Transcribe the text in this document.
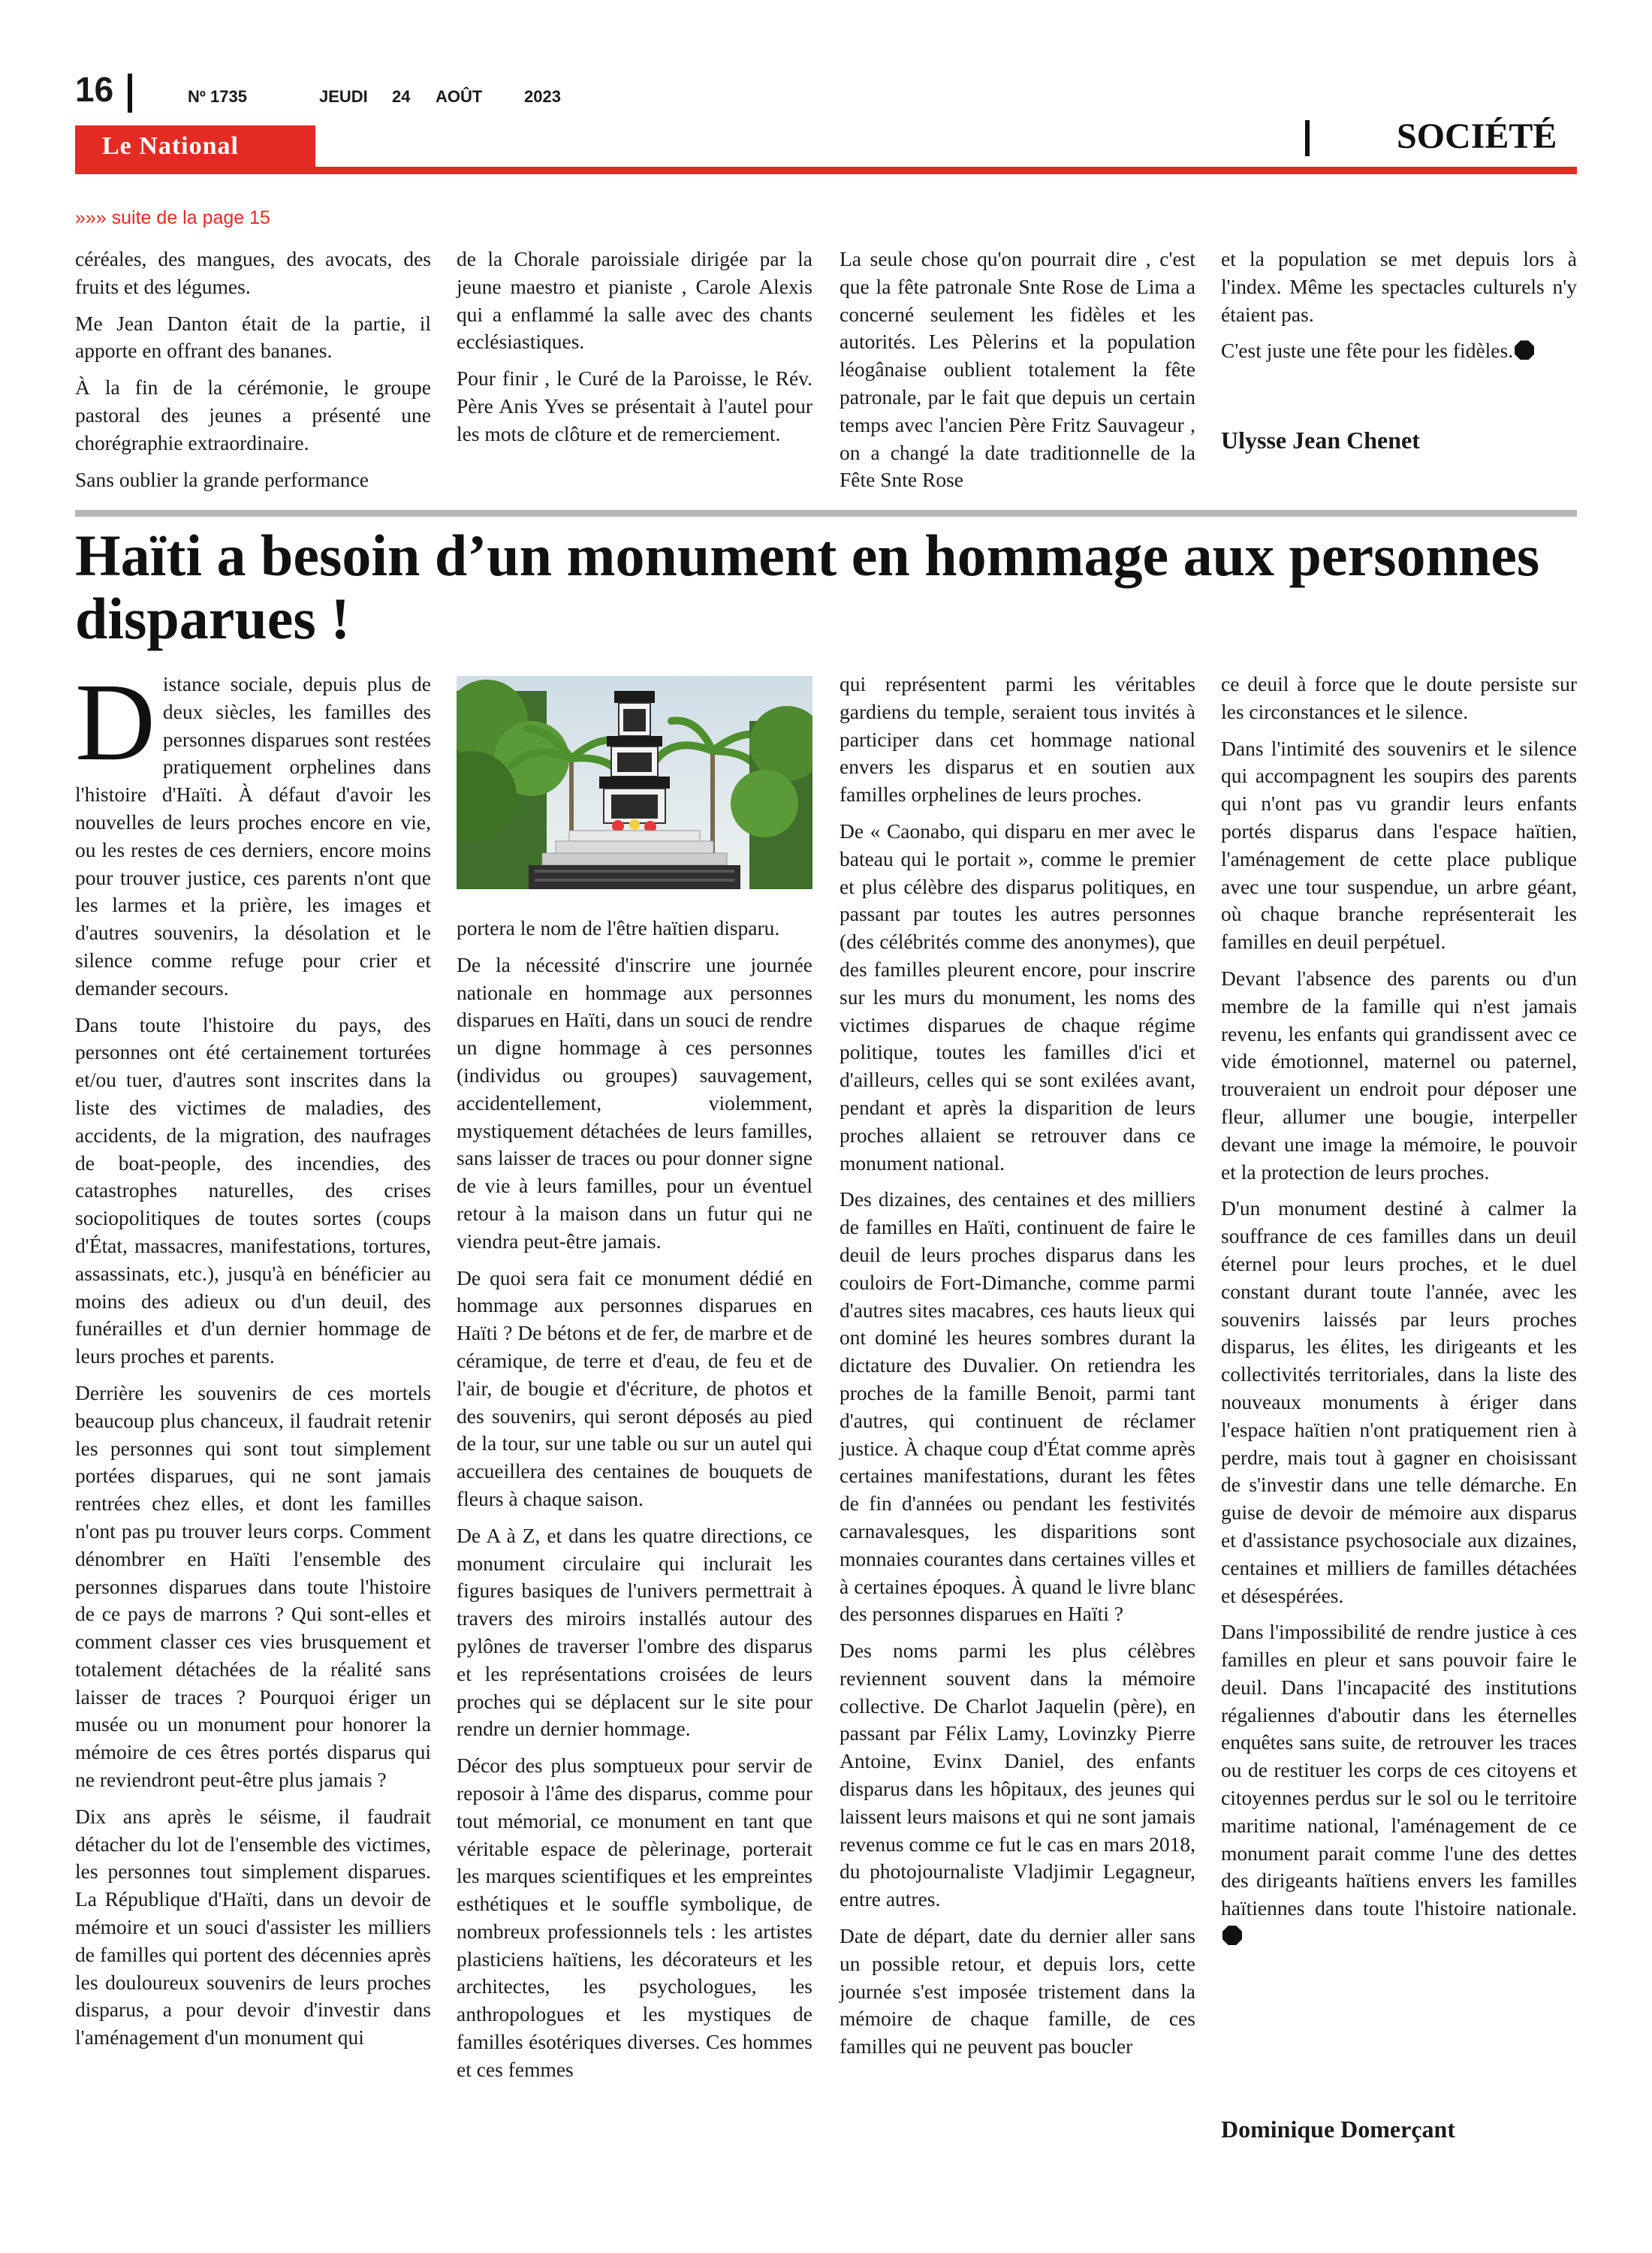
16	Nº 1735	JEUDI 24 AOÛT	2023
Le National	SOCIÉTÉ
»»» suite de la page 15

céréales, des mangues, des avocats, des fruits et des légumes.

Me Jean Danton était de la partie, il apporte en offrant des bananes.

À la fin de la cérémonie, le groupe pastoral des jeunes a présenté une chorégraphie extraordinaire.

Sans oublier la grande performance

de la Chorale paroissiale dirigée par la jeune maestro et pianiste , Carole Alexis qui a enflammé la salle avec des chants ecclésiastiques.

Pour finir , le Curé de la Paroisse, le Rév. Père Anis Yves se présentait à l'autel pour les mots de clôture et de remerciement.

La seule chose qu'on pourrait dire , c'est que la fête patronale Snte Rose de Lima a concerné seulement les fidèles et les autorités. Les Pèlerins et la population léogânaise oublient totalement la fête patronale, par le fait que depuis un certain temps avec l'ancien Père Fritz Sauvageur , on a changé la date traditionnelle de la Fête Snte Rose

et la population se met depuis lors à l'index. Même les spectacles culturels n'y étaient pas.

C'est juste une fête pour les fidèles.

Ulysse Jean Chenet
Haïti a besoin d’un monument en hommage aux personnes disparues !

Distance sociale, depuis plus de deux siècles, les familles des personnes disparues sont restées pratiquement orphelines dans l'histoire d'Haïti. À défaut d'avoir les nouvelles de leurs proches encore en vie, ou les restes de ces derniers, encore moins pour trouver justice, ces parents n'ont que les larmes et la prière, les images et d'autres souvenirs, la désolation et le silence comme refuge pour crier et demander secours.

Dans toute l'histoire du pays, des personnes ont été certainement torturées et/ou tuer, d'autres sont inscrites dans la liste des victimes de maladies, des accidents, de la migration, des naufrages de boat-people, des incendies, des catastrophes naturelles, des crises sociopolitiques de toutes sortes (coups d'État, massacres, manifestations, tortures, assassinats, etc.), jusqu'à en bénéficier au moins des adieux ou d'un deuil, des funérailles et d'un dernier hommage de leurs proches et parents.

Derrière les souvenirs de ces mortels beaucoup plus chanceux, il faudrait retenir les personnes qui sont tout simplement portées disparues, qui ne sont jamais rentrées chez elles, et dont les familles n'ont pas pu trouver leurs corps. Comment dénombrer en Haïti l'ensemble des personnes disparues dans toute l'histoire de ce pays de marrons ? Qui sont-elles et comment classer ces vies brusquement et totalement détachées de la réalité sans laisser de traces ? Pourquoi ériger un musée ou un monument pour honorer la mémoire de ces êtres portés disparus qui ne reviendront peut-être plus jamais ?

Dix ans après le séisme, il faudrait détacher du lot de l'ensemble des victimes, les personnes tout simplement disparues. La République d'Haïti, dans un devoir de mémoire et un souci d'assister les milliers de familles qui portent des décennies après les douloureux souvenirs de leurs proches disparus, a pour devoir d'investir dans l'aménagement d'un monument qui

portera le nom de l'être haïtien disparu.

De la nécessité d'inscrire une journée nationale en hommage aux personnes disparues en Haïti, dans un souci de rendre un digne hommage à ces personnes (individus ou groupes) sauvagement, accidentellement, violemment, mystiquement détachées de leurs familles, sans laisser de traces ou pour donner signe de vie à leurs familles, pour un éventuel retour à la maison dans un futur qui ne viendra peut-être jamais.

De quoi sera fait ce monument dédié en hommage aux personnes disparues en Haïti ? De bétons et de fer, de marbre et de céramique, de terre et d'eau, de feu et de l'air, de bougie et d'écriture, de photos et des souvenirs, qui seront déposés au pied de la tour, sur une table ou sur un autel qui accueillera des centaines de bouquets de fleurs à chaque saison.

De A à Z, et dans les quatre directions, ce monument circulaire qui inclurait les figures basiques de l'univers permettrait à travers des miroirs installés autour des pylônes de traverser l'ombre des disparus et les représentations croisées de leurs proches qui se déplacent sur le site pour rendre un dernier hommage.

Décor des plus somptueux pour servir de reposoir à l'âme des disparus, comme pour tout mémorial, ce monument en tant que véritable espace de pèlerinage, porterait les marques scientifiques et les empreintes esthétiques et le souffle symbolique, de nombreux professionnels tels : les artistes plasticiens haïtiens, les décorateurs et les architectes, les psychologues, les anthropologues et les mystiques de familles ésotériques diverses. Ces hommes et ces femmes

qui représentent parmi les véritables gardiens du temple, seraient tous invités à participer dans cet hommage national envers les disparus et en soutien aux familles orphelines de leurs proches.

De « Caonabo, qui disparu en mer avec le bateau qui le portait », comme le premier et plus célèbre des disparus politiques, en passant par toutes les autres personnes (des célébrités comme des anonymes), que des familles pleurent encore, pour inscrire sur les murs du monument, les noms des victimes disparues de chaque régime politique, toutes les familles d'ici et d'ailleurs, celles qui se sont exilées avant, pendant et après la disparition de leurs proches allaient se retrouver dans ce monument national.

Des dizaines, des centaines et des milliers de familles en Haïti, continuent de faire le deuil de leurs proches disparus dans les couloirs de Fort-Dimanche, comme parmi d'autres sites macabres, ces hauts lieux qui ont dominé les heures sombres durant la dictature des Duvalier. On retiendra les proches de la famille Benoit, parmi tant d'autres, qui continuent de réclamer justice. À chaque coup d'État comme après certaines manifestations, durant les fêtes de fin d'années ou pendant les festivités carnavalesques, les disparitions sont monnaies courantes dans certaines villes et à certaines époques. À quand le livre blanc des personnes disparues en Haïti ?

Des noms parmi les plus célèbres reviennent souvent dans la mémoire collective. De Charlot Jaquelin (père), en passant par Félix Lamy, Lovinzky Pierre Antoine, Evinx Daniel, des enfants disparus dans les hôpitaux, des jeunes qui laissent leurs maisons et qui ne sont jamais revenus comme ce fut le cas en mars 2018, du photojournaliste Vladjimir Legagneur, entre autres.

Date de départ, date du dernier aller sans un possible retour, et depuis lors, cette journée s'est imposée tristement dans la mémoire de chaque famille, de ces familles qui ne peuvent pas boucler

ce deuil à force que le doute persiste sur les circonstances et le silence.

Dans l'intimité des souvenirs et le silence qui accompagnent les soupirs des parents qui n'ont pas vu grandir leurs enfants portés disparus dans l'espace haïtien, l'aménagement de cette place publique avec une tour suspendue, un arbre géant, où chaque branche représenterait les familles en deuil perpétuel.

Devant l'absence des parents ou d'un membre de la famille qui n'est jamais revenu, les enfants qui grandissent avec ce vide émotionnel, maternel ou paternel, trouveraient un endroit pour déposer une fleur, allumer une bougie, interpeller devant une image la mémoire, le pouvoir et la protection de leurs proches.

D'un monument destiné à calmer la souffrance de ces familles dans un deuil éternel pour leurs proches, et le duel constant durant toute l'année, avec les souvenirs laissés par leurs proches disparus, les élites, les dirigeants et les collectivités territoriales, dans la liste des nouveaux monuments à ériger dans l'espace haïtien n'ont pratiquement rien à perdre, mais tout à gagner en choisissant de s'investir dans une telle démarche. En guise de devoir de mémoire aux disparus et d'assistance psychosociale aux dizaines, centaines et milliers de familles détachées et désespérées.

Dans l'impossibilité de rendre justice à ces familles en pleur et sans pouvoir faire le deuil. Dans l'incapacité des institutions régaliennes d'aboutir dans les éternelles enquêtes sans suite, de retrouver les traces ou de restituer les corps de ces citoyens et citoyennes perdus sur le sol ou le territoire maritime national, l'aménagement de ce monument parait comme l'une des dettes des dirigeants haïtiens envers les familles haïtiennes dans toute l'histoire nationale.

Dominique Domerçant
